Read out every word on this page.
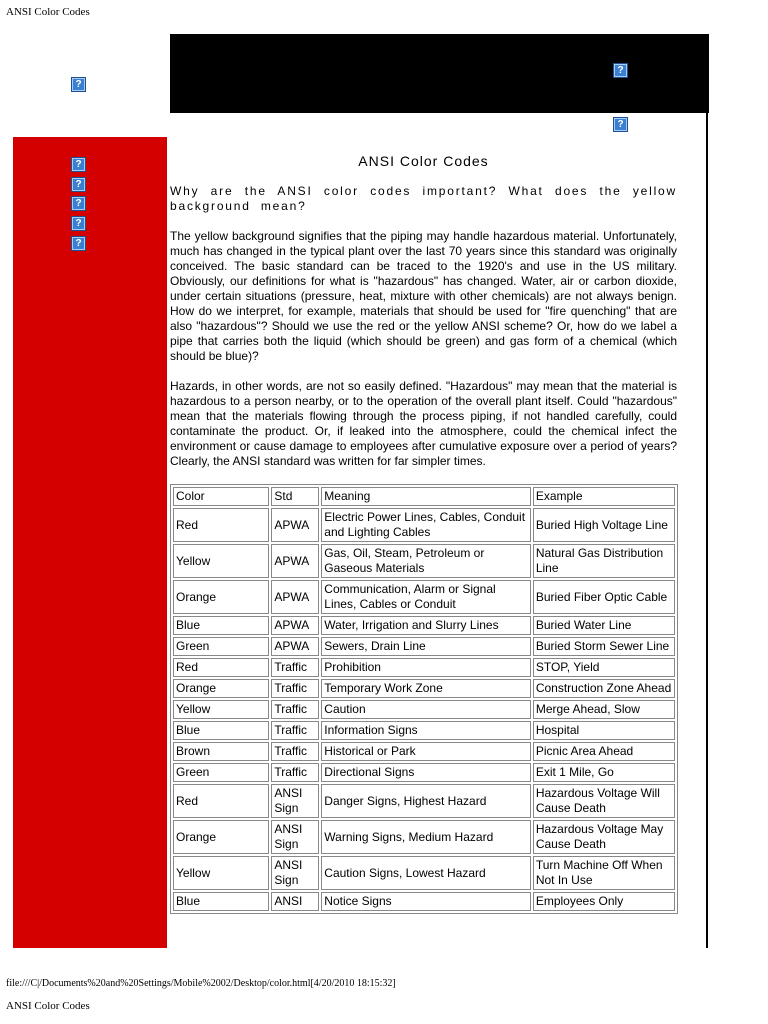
ANSI Color Codes
?
?
?
?
?
?
?
?
ANSI Color Codes

Why are the ANSI color codes important? What does the yellow background mean?

The yellow background signifies that the piping may handle hazardous material. Unfortunately, much has changed in the typical plant over the last 70 years since this standard was originally conceived. The basic standard can be traced to the 1920's and use in the US military. Obviously, our definitions for what is "hazardous" has changed. Water, air or carbon dioxide, under certain situations (pressure, heat, mixture with other chemicals) are not always benign. How do we interpret, for example, materials that should be used for "fire quenching" that are also "hazardous"? Should we use the red or the yellow ANSI scheme? Or, how do we label a pipe that carries both the liquid (which should be green) and gas form of a chemical (which should be blue)?

Hazards, in other words, are not so easily defined. "Hazardous" may mean that the material is hazardous to a person nearby, or to the operation of the overall plant itself. Could "hazardous" mean that the materials flowing through the process piping, if not handled carefully, could contaminate the product. Or, if leaked into the atmosphere, could the chemical infect the environment or cause damage to employees after cumulative exposure over a period of years? Clearly, the ANSI standard was written for far simpler times.

Color	Std	Meaning	Example
Red	APWA	Electric Power Lines, Cables, Conduit and Lighting Cables	Buried High Voltage Line
Yellow	APWA	Gas, Oil, Steam, Petroleum or Gaseous Materials	Natural Gas Distribution Line
Orange	APWA	Communication, Alarm or Signal Lines, Cables or Conduit	Buried Fiber Optic Cable
Blue	APWA	Water, Irrigation and Slurry Lines	Buried Water Line
Green	APWA	Sewers, Drain Line	Buried Storm Sewer Line
Red	Traffic	Prohibition	STOP, Yield
Orange	Traffic	Temporary Work Zone	Construction Zone Ahead
Yellow	Traffic	Caution	Merge Ahead, Slow
Blue	Traffic	Information Signs	Hospital
Brown	Traffic	Historical or Park	Picnic Area Ahead
Green	Traffic	Directional Signs	Exit 1 Mile, Go
Red	ANSI Sign	Danger Signs, Highest Hazard	Hazardous Voltage Will Cause Death
Orange	ANSI Sign	Warning Signs, Medium Hazard	Hazardous Voltage May Cause Death
Yellow	ANSI Sign	Caution Signs, Lowest Hazard	Turn Machine Off When Not In Use
Blue	ANSI	Notice Signs	Employees Only
file:///C|/Documents%20and%20Settings/Mobile%2002/Desktop/color.html[4/20/2010 18:15:32]
ANSI Color Codes
